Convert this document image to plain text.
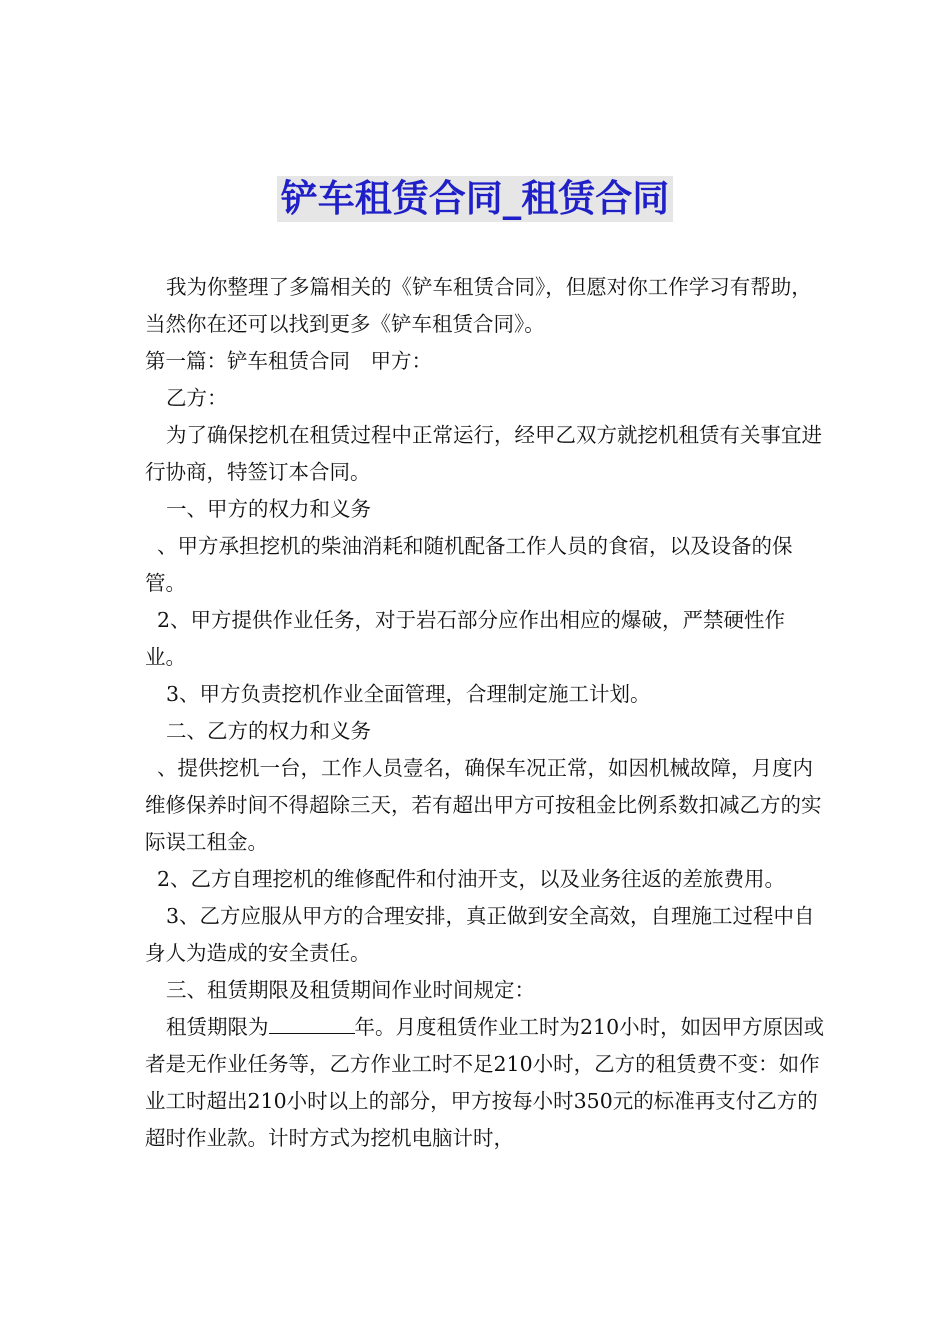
铲车租赁合同_租赁合同

我为你整理了多篇相关的《铲车租赁合同》，但愿对你工作学习有帮助，当然你在还可以找到更多《铲车租赁合同》。

第一篇：铲车租赁合同　甲方：

乙方：

为了确保挖机在租赁过程中正常运行，经甲乙双方就挖机租赁有关事宜进行协商，特签订本合同。

一、甲方的权力和义务

、甲方承担挖机的柴油消耗和随机配备工作人员的食宿，以及设备的保管。

2、甲方提供作业任务，对于岩石部分应作出相应的爆破，严禁硬性作业。

3、甲方负责挖机作业全面管理，合理制定施工计划。

二、乙方的权力和义务

、提供挖机一台，工作人员壹名，确保车况正常，如因机械故障，月度内维修保养时间不得超除三天，若有超出甲方可按租金比例系数扣减乙方的实际误工租金。

2、乙方自理挖机的维修配件和付油开支，以及业务往返的差旅费用。

3、乙方应服从甲方的合理安排，真正做到安全高效，自理施工过程中自身人为造成的安全责任。

三、租赁期限及租赁期间作业时间规定：

租赁期限为	年。月度租赁作业工时为210小时，如因甲方原因或者是无作业任务等，乙方作业工时不足210小时，乙方的租赁费不变：如作业工时超出210小时以上的部分，甲方按每小时350元的标准再支付乙方的超时作业款。计时方式为挖机电脑计时，
